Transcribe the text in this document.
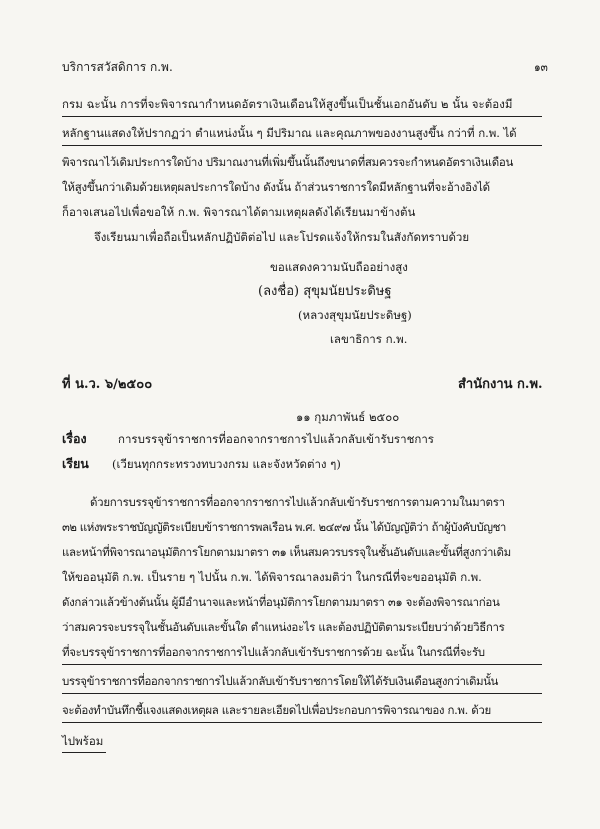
บริการสวัสดิการ ก.พ.	๑๓
กรม ฉะนั้น การที่จะพิจารณากำหนดอัตราเงินเดือนให้สูงขึ้นเป็นชั้นเอกอันดับ ๒ นั้น จะต้องมี
หลักฐานแสดงให้ปรากฏว่า ตำแหน่งนั้น ๆ มีปริมาณ และคุณภาพของงานสูงขึ้น กว่าที่ ก.พ. ได้
พิจารณาไว้เดิมประการใดบ้าง ปริมาณงานที่เพิ่มขึ้นนั้นถึงขนาดที่สมควรจะกำหนดอัตราเงินเดือน
ให้สูงขึ้นกว่าเดิมด้วยเหตุผลประการใดบ้าง ดังนั้น ถ้าส่วนราชการใดมีหลักฐานที่จะอ้างอิงได้
ก็อาจเสนอไปเพื่อขอให้ ก.พ. พิจารณาได้ตามเหตุผลดังได้เรียนมาข้างต้น
จึงเรียนมาเพื่อถือเป็นหลักปฏิบัติต่อไป และโปรดแจ้งให้กรมในสังกัดทราบด้วย
ขอแสดงความนับถืออย่างสูง
(ลงชื่อ) สุขุมนัยประดิษฐ
(หลวงสุขุมนัยประดิษฐ)
เลขาธิการ ก.พ.
ที่ น.ว. ๖/๒๕๐๐	สำนักงาน ก.พ.
๑๑ กุมภาพันธ์ ๒๕๐๐
เรื่อง	การบรรจุข้าราชการที่ออกจากราชการไปแล้วกลับเข้ารับราชการ
เรียน (เวียนทุกกระทรวงทบวงกรม และจังหวัดต่าง ๆ)
ด้วยการบรรจุข้าราชการที่ออกจากราชการไปแล้วกลับเข้ารับราชการตามความในมาตรา
๓๒ แห่งพระราชบัญญัติระเบียบข้าราชการพลเรือน พ.ศ. ๒๔๙๗ นั้น ได้บัญญัติว่า ถ้าผู้บังคับบัญชา
และหน้าที่พิจารณาอนุมัติการโยกตามมาตรา ๓๑ เห็นสมควรบรรจุในชั้นอันดับและขั้นที่สูงกว่าเดิม
ให้ขออนุมัติ ก.พ. เป็นราย ๆ ไปนั้น ก.พ. ได้พิจารณาลงมติว่า ในกรณีที่จะขออนุมัติ ก.พ.
ดังกล่าวแล้วข้างต้นนั้น ผู้มีอำนาจและหน้าที่อนุมัติการโยกตามมาตรา ๓๑ จะต้องพิจารณาก่อน
ว่าสมควรจะบรรจุในชั้นอันดับและขั้นใด ตำแหน่งอะไร และต้องปฏิบัติตามระเบียบว่าด้วยวิธีการ
ที่จะบรรจุข้าราชการที่ออกจากราชการไปแล้วกลับเข้ารับราชการด้วย ฉะนั้น ในกรณีที่จะรับ
บรรจุข้าราชการที่ออกจากราชการไปแล้วกลับเข้ารับราชการโดยให้ได้รับเงินเดือนสูงกว่าเดิมนั้น
จะต้องทำบันทึกชี้แจงแสดงเหตุผล และรายละเอียดไปเพื่อประกอบการพิจารณาของ ก.พ. ด้วย
ไปพร้อม
